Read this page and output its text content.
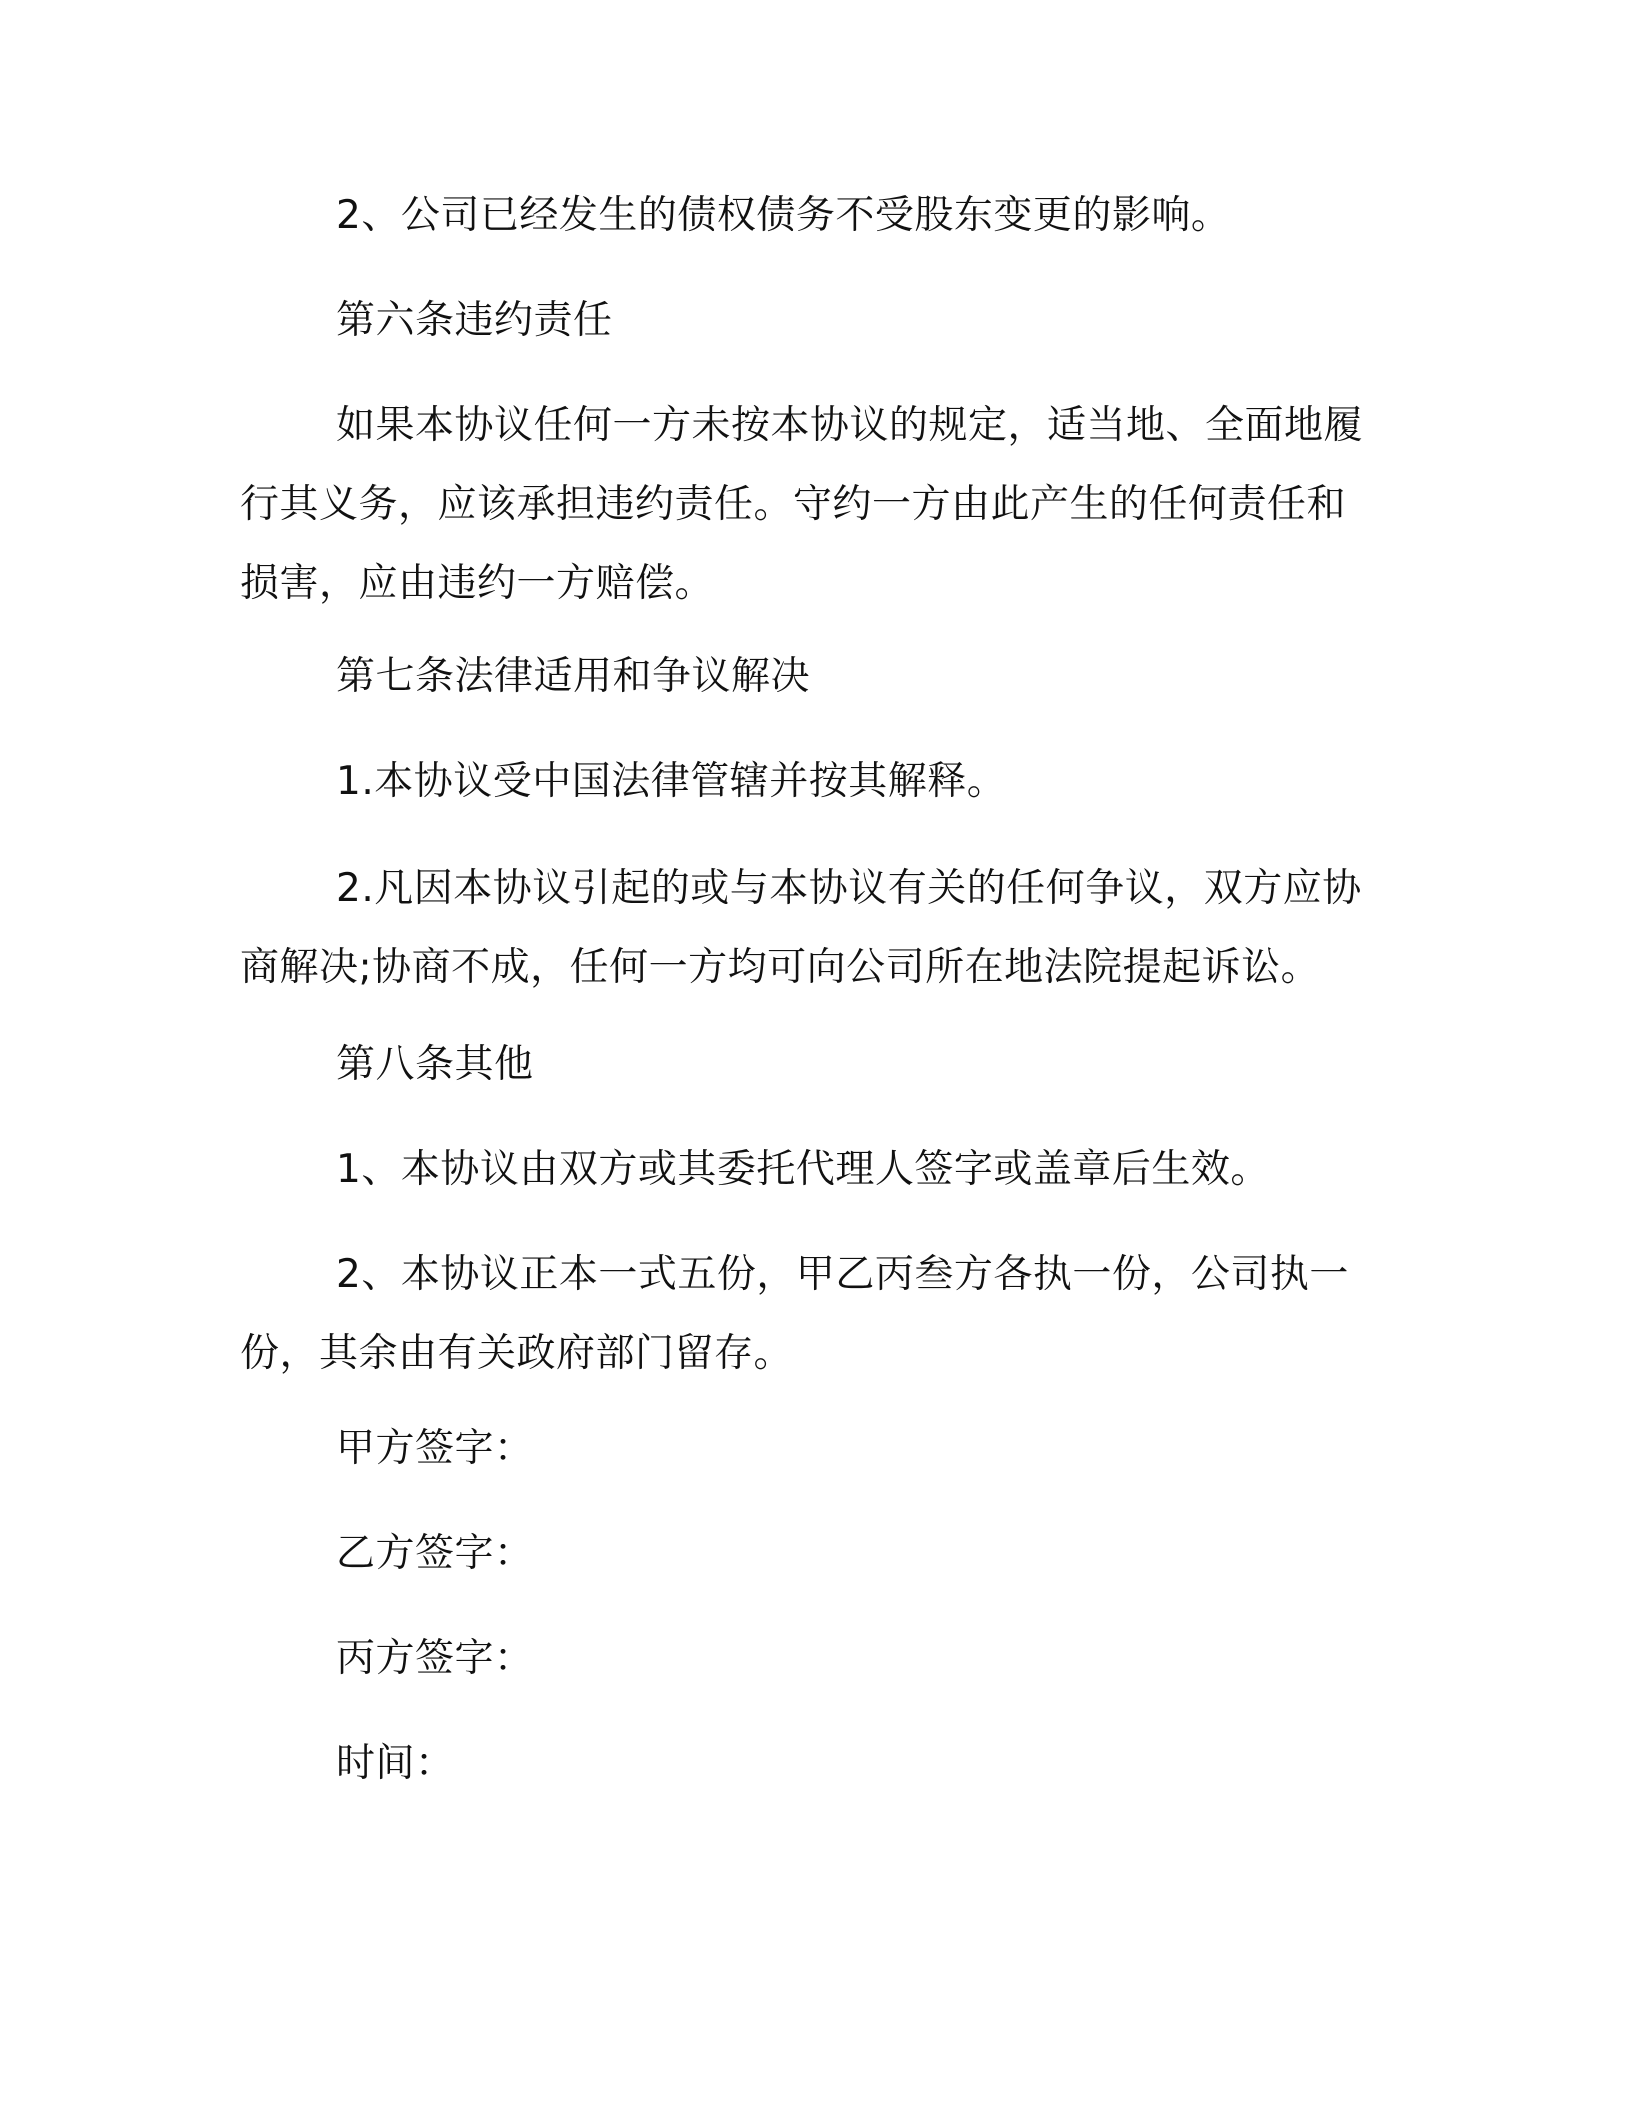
2、公司已经发生的债权债务不受股东变更的影响。

第六条违约责任

如果本协议任何一方未按本协议的规定，适当地、全面地履行其义务，应该承担违约责任。守约一方由此产生的任何责任和损害，应由违约一方赔偿。

第七条法律适用和争议解决

1.本协议受中国法律管辖并按其解释。

2.凡因本协议引起的或与本协议有关的任何争议，双方应协商解决;协商不成，任何一方均可向公司所在地法院提起诉讼。

第八条其他

1、本协议由双方或其委托代理人签字或盖章后生效。

2、本协议正本一式五份，甲乙丙叁方各执一份，公司执一份，其余由有关政府部门留存。

甲方签字：

乙方签字：

丙方签字：

时间：
